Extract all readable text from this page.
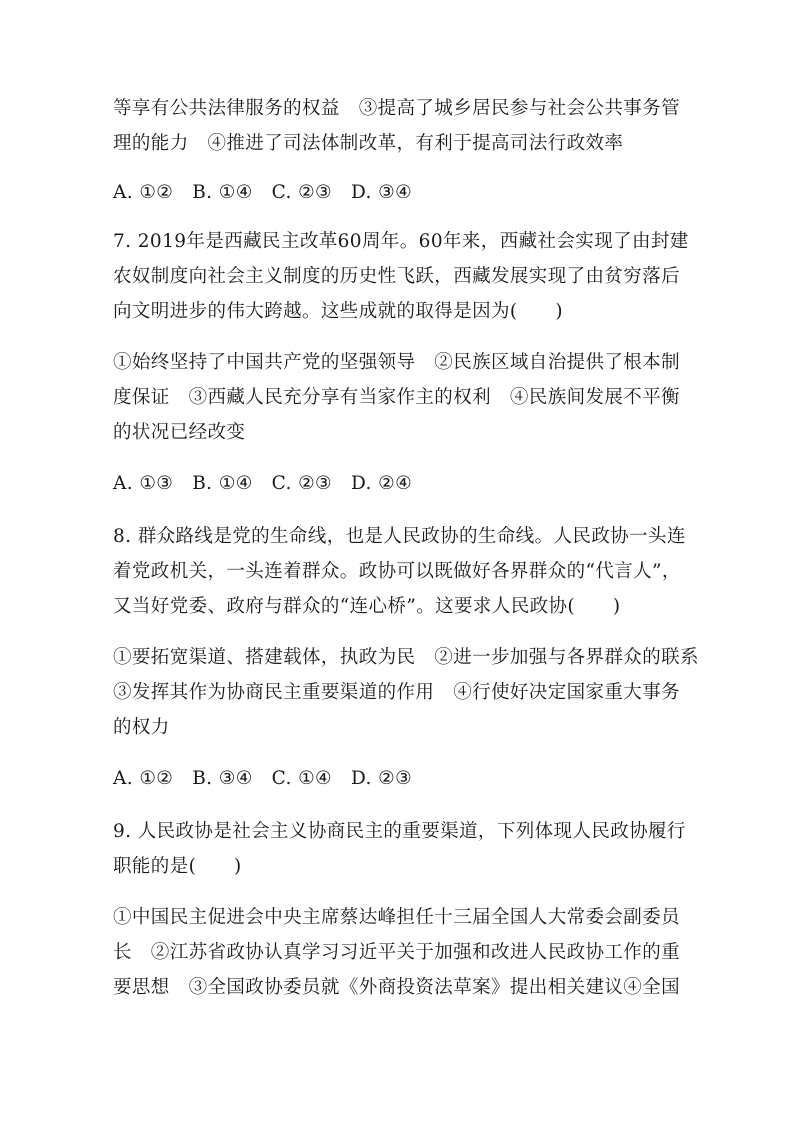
等享有公共法律服务的权益　③提高了城乡居民参与社会公共事务管
理的能力　④推进了司法体制改革，有利于提高司法行政效率
A. ①②　B. ①④　C. ②③　D. ③④
7. 2019年是西藏民主改革60周年。60年来，西藏社会实现了由封建
农奴制度向社会主义制度的历史性飞跃，西藏发展实现了由贫穷落后
向文明进步的伟大跨越。这些成就的取得是因为(　　)
①始终坚持了中国共产党的坚强领导　②民族区域自治提供了根本制
度保证　③西藏人民充分享有当家作主的权利　④民族间发展不平衡
的状况已经改变
A. ①③　B. ①④　C. ②③　D. ②④
8. 群众路线是党的生命线，也是人民政协的生命线。人民政协一头连
着党政机关，一头连着群众。政协可以既做好各界群众的“代言人”，
又当好党委、政府与群众的“连心桥”。这要求人民政协(　　)
①要拓宽渠道、搭建载体，执政为民　②进一步加强与各界群众的联系
③发挥其作为协商民主重要渠道的作用　④行使好决定国家重大事务
的权力
A. ①②　B. ③④　C. ①④　D. ②③
9. 人民政协是社会主义协商民主的重要渠道，下列体现人民政协履行
职能的是(　　)
①中国民主促进会中央主席蔡达峰担任十三届全国人大常委会副委员
长　②江苏省政协认真学习习近平关于加强和改进人民政协工作的重
要思想　③全国政协委员就《外商投资法草案》提出相关建议④全国
